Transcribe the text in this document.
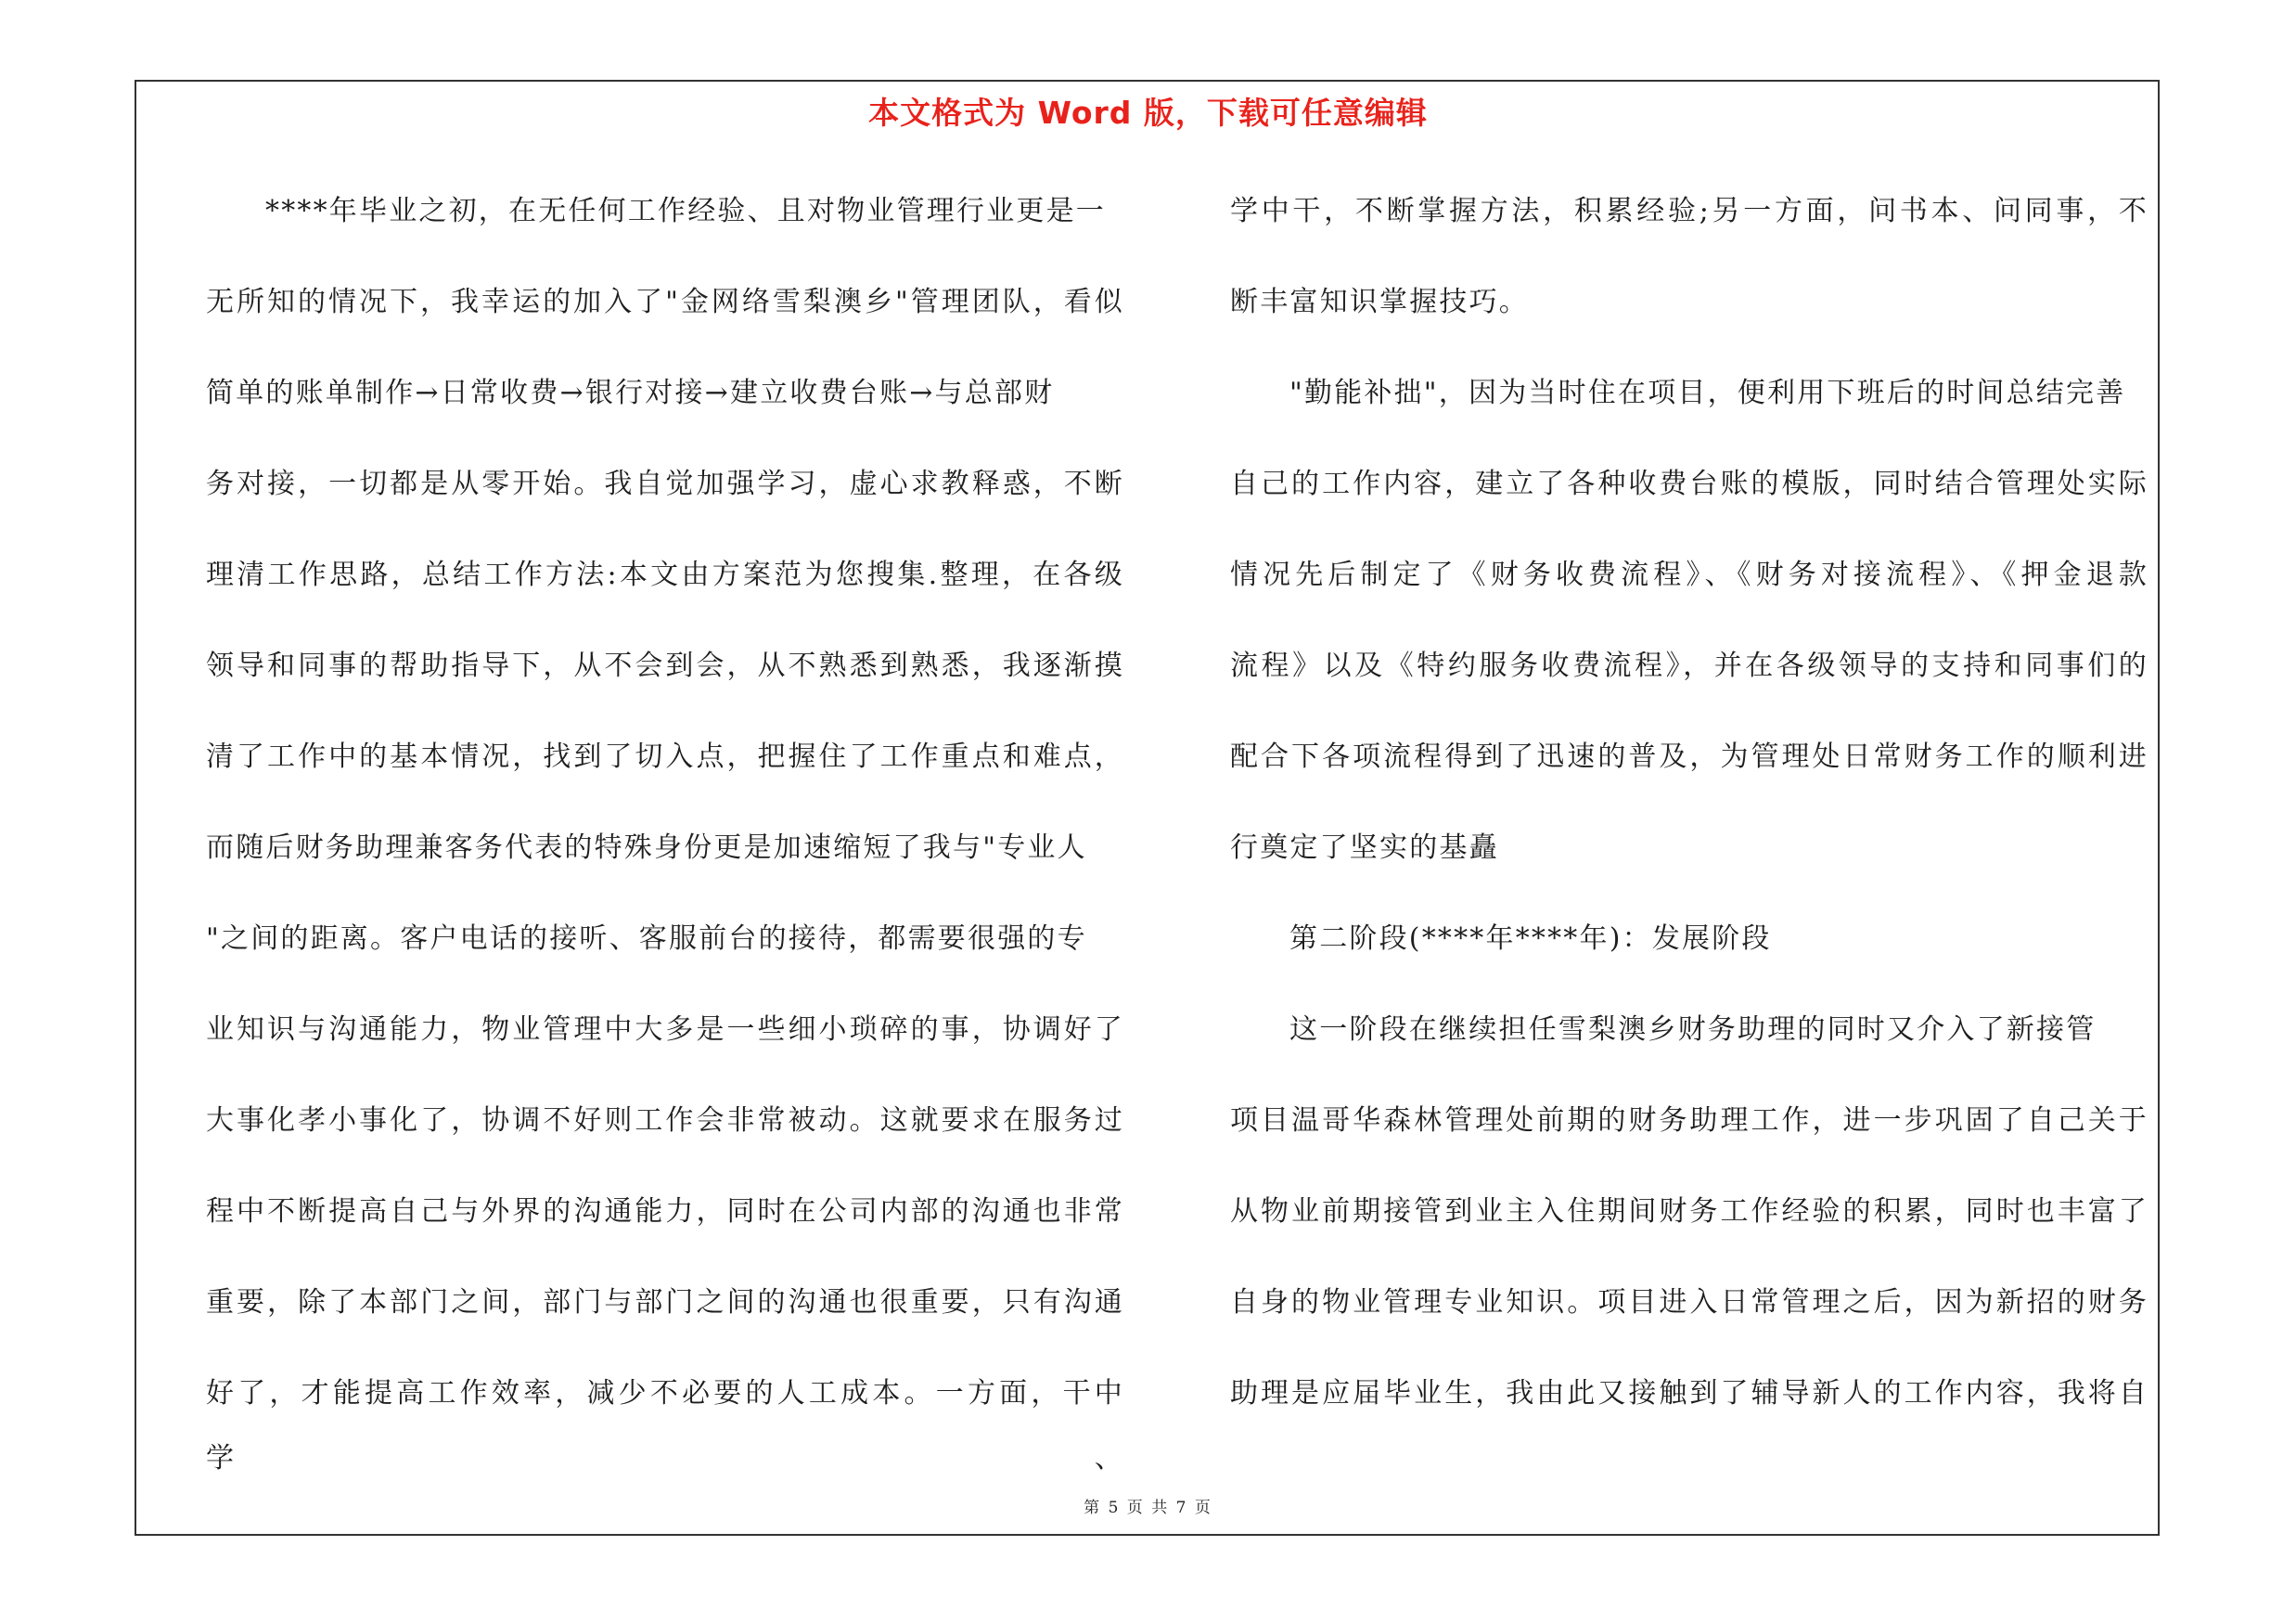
本文格式为 Word 版，下载可任意编辑
****年毕业之初，在无任何工作经验、且对物业管理行业更是一
无所知的情况下，我幸运的加入了"金网络雪梨澳乡"管理团队，看似
简单的账单制作→日常收费→银行对接→建立收费台账→与总部财
务对接，一切都是从零开始。我自觉加强学习，虚心求教释惑，不断
理清工作思路，总结工作方法:本文由方案范为您搜集.整理，在各级
领导和同事的帮助指导下，从不会到会，从不熟悉到熟悉，我逐渐摸
清了工作中的基本情况，找到了切入点，把握住了工作重点和难点，
而随后财务助理兼客务代表的特殊身份更是加速缩短了我与"专业人
"之间的距离。客户电话的接听、客服前台的接待，都需要很强的专
业知识与沟通能力，物业管理中大多是一些细小琐碎的事，协调好了
大事化孝小事化了，协调不好则工作会非常被动。这就要求在服务过
程中不断提高自己与外界的沟通能力，同时在公司内部的沟通也非常
重要，除了本部门之间，部门与部门之间的沟通也很重要，只有沟通
好了，才能提高工作效率，减少不必要的人工成本。一方面，干中学、
学中干，不断掌握方法，积累经验;另一方面，问书本、问同事，不
断丰富知识掌握技巧。
"勤能补拙"，因为当时住在项目，便利用下班后的时间总结完善
自己的工作内容，建立了各种收费台账的模版，同时结合管理处实际
情况先后制定了《财务收费流程》、《财务对接流程》、《押金退款
流程》以及《特约服务收费流程》，并在各级领导的支持和同事们的
配合下各项流程得到了迅速的普及，为管理处日常财务工作的顺利进
行奠定了坚实的基矗
第二阶段(****年****年)：发展阶段
这一阶段在继续担任雪梨澳乡财务助理的同时又介入了新接管
项目温哥华森林管理处前期的财务助理工作，进一步巩固了自己关于
从物业前期接管到业主入住期间财务工作经验的积累，同时也丰富了
自身的物业管理专业知识。项目进入日常管理之后，因为新招的财务
助理是应届毕业生，我由此又接触到了辅导新人的工作内容，我将自
第 5 页 共 7 页
